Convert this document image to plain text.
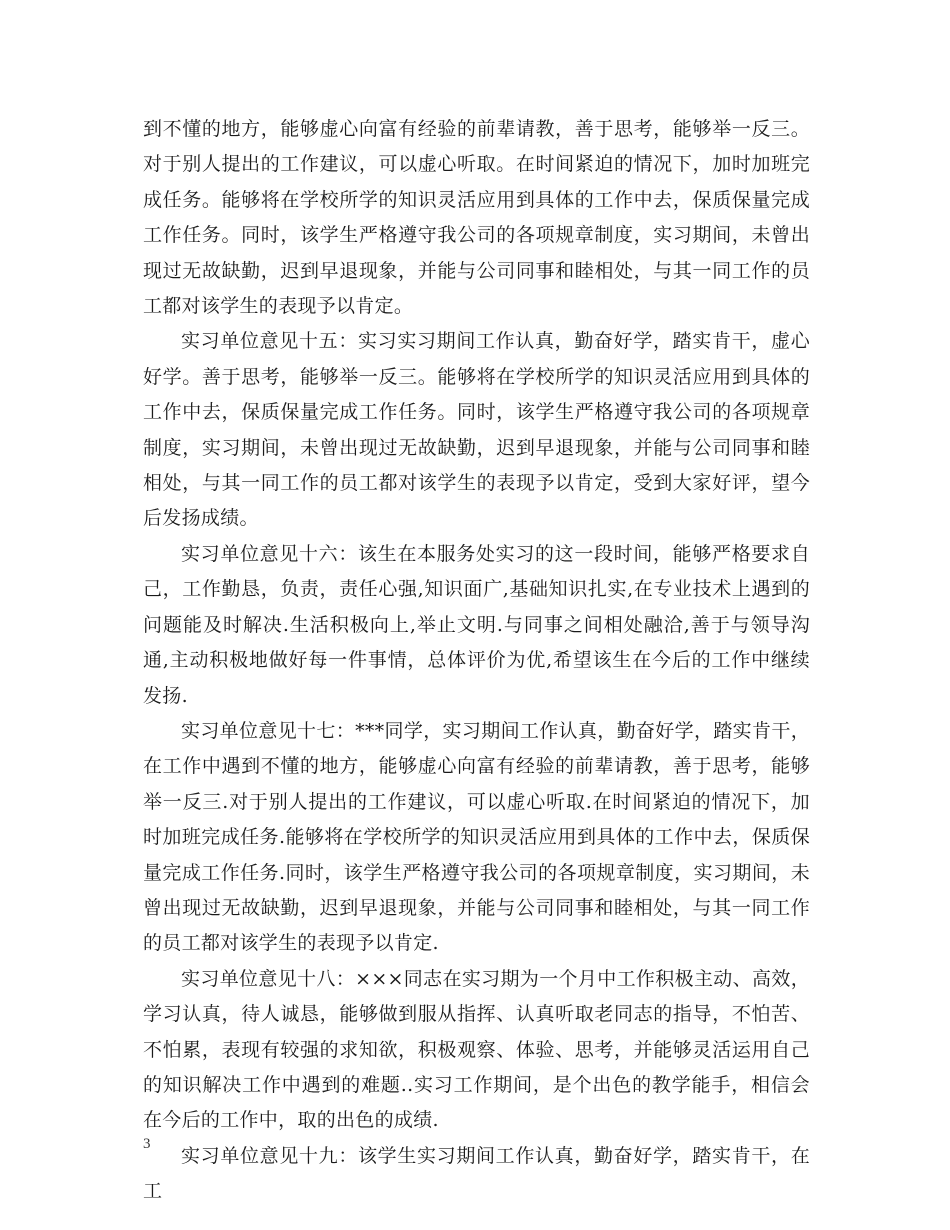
到不懂的地方，能够虚心向富有经验的前辈请教，善于思考，能够举一反三。对于别人提出的工作建议，可以虚心听取。在时间紧迫的情况下，加时加班完成任务。能够将在学校所学的知识灵活应用到具体的工作中去，保质保量完成工作任务。同时，该学生严格遵守我公司的各项规章制度，实习期间，未曾出现过无故缺勤，迟到早退现象，并能与公司同事和睦相处，与其一同工作的员工都对该学生的表现予以肯定。

实习单位意见十五：实习实习期间工作认真，勤奋好学，踏实肯干，虚心好学。善于思考，能够举一反三。能够将在学校所学的知识灵活应用到具体的工作中去，保质保量完成工作任务。同时，该学生严格遵守我公司的各项规章制度，实习期间，未曾出现过无故缺勤，迟到早退现象，并能与公司同事和睦相处，与其一同工作的员工都对该学生的表现予以肯定，受到大家好评，望今后发扬成绩。

实习单位意见十六：该生在本服务处实习的这一段时间，能够严格要求自己，工作勤恳，负责，责任心强,知识面广,基础知识扎实,在专业技术上遇到的问题能及时解决.生活积极向上,举止文明.与同事之间相处融洽,善于与领导沟通,主动积极地做好每一件事情，总体评价为优,希望该生在今后的工作中继续发扬.

实习单位意见十七：***同学，实习期间工作认真，勤奋好学，踏实肯干，在工作中遇到不懂的地方，能够虚心向富有经验的前辈请教，善于思考，能够举一反三.对于别人提出的工作建议，可以虚心听取.在时间紧迫的情况下，加时加班完成任务.能够将在学校所学的知识灵活应用到具体的工作中去，保质保量完成工作任务.同时，该学生严格遵守我公司的各项规章制度，实习期间，未曾出现过无故缺勤，迟到早退现象，并能与公司同事和睦相处，与其一同工作的员工都对该学生的表现予以肯定.

实习单位意见十八：×××同志在实习期为一个月中工作积极主动、高效，学习认真，待人诚恳，能够做到服从指挥、认真听取老同志的指导，不怕苦、不怕累，表现有较强的求知欲，积极观察、体验、思考，并能够灵活运用自己的知识解决工作中遇到的难题..实习工作期间，是个出色的教学能手，相信会在今后的工作中，取的出色的成绩.

实习单位意见十九：该学生实习期间工作认真，勤奋好学，踏实肯干，在工

3
